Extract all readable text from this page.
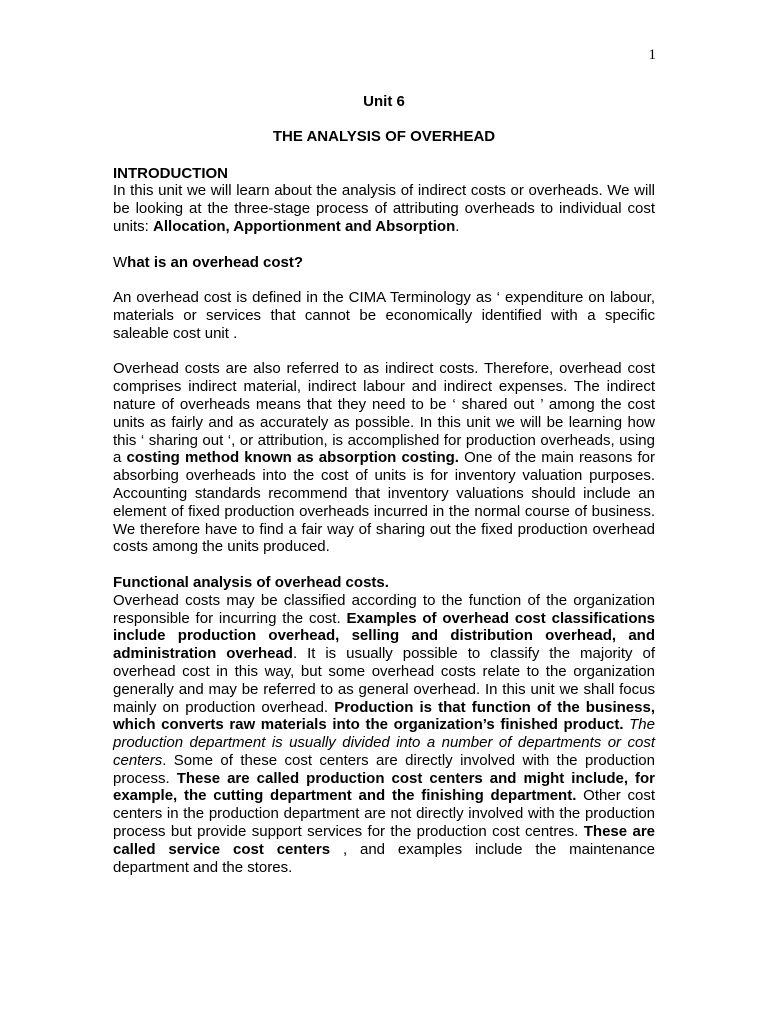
1

Unit 6

THE ANALYSIS OF OVERHEAD

INTRODUCTION

In this unit we will learn about the analysis of indirect costs or overheads. We will be looking at the three-stage process of attributing overheads to individual cost units: Allocation, Apportionment and Absorption.

What is an overhead cost?

An overhead cost is defined in the CIMA Terminology as ‘ expenditure on labour, materials or services that cannot be economically identified with a specific saleable cost unit .

Overhead costs are also referred to as indirect costs. Therefore, overhead cost comprises indirect material, indirect labour and indirect expenses. The indirect nature of overheads means that they need to be ‘ shared out ’ among the cost units as fairly and as accurately as possible. In this unit we will be learning how this ‘ sharing out ‘, or attribution, is accomplished for production overheads, using a costing method known as absorption costing. One of the main reasons for absorbing overheads into the cost of units is for inventory valuation purposes. Accounting standards recommend that inventory valuations should include an element of fixed production overheads incurred in the normal course of business. We therefore have to find a fair way of sharing out the fixed production overhead costs among the units produced.

Functional analysis of overhead costs.

Overhead costs may be classified according to the function of the organization responsible for incurring the cost. Examples of overhead cost classifications include production overhead, selling and distribution overhead, and administration overhead. It is usually possible to classify the majority of overhead cost in this way, but some overhead costs relate to the organization generally and may be referred to as general overhead. In this unit we shall focus mainly on production overhead. Production is that function of the business, which converts raw materials into the organization’s finished product. The production department is usually divided into a number of departments or cost centers. Some of these cost centers are directly involved with the production process. These are called production cost centers and might include, for example, the cutting department and the finishing department. Other cost centers in the production department are not directly involved with the production process but provide support services for the production cost centres. These are called service cost centers , and examples include the maintenance department and the stores.
